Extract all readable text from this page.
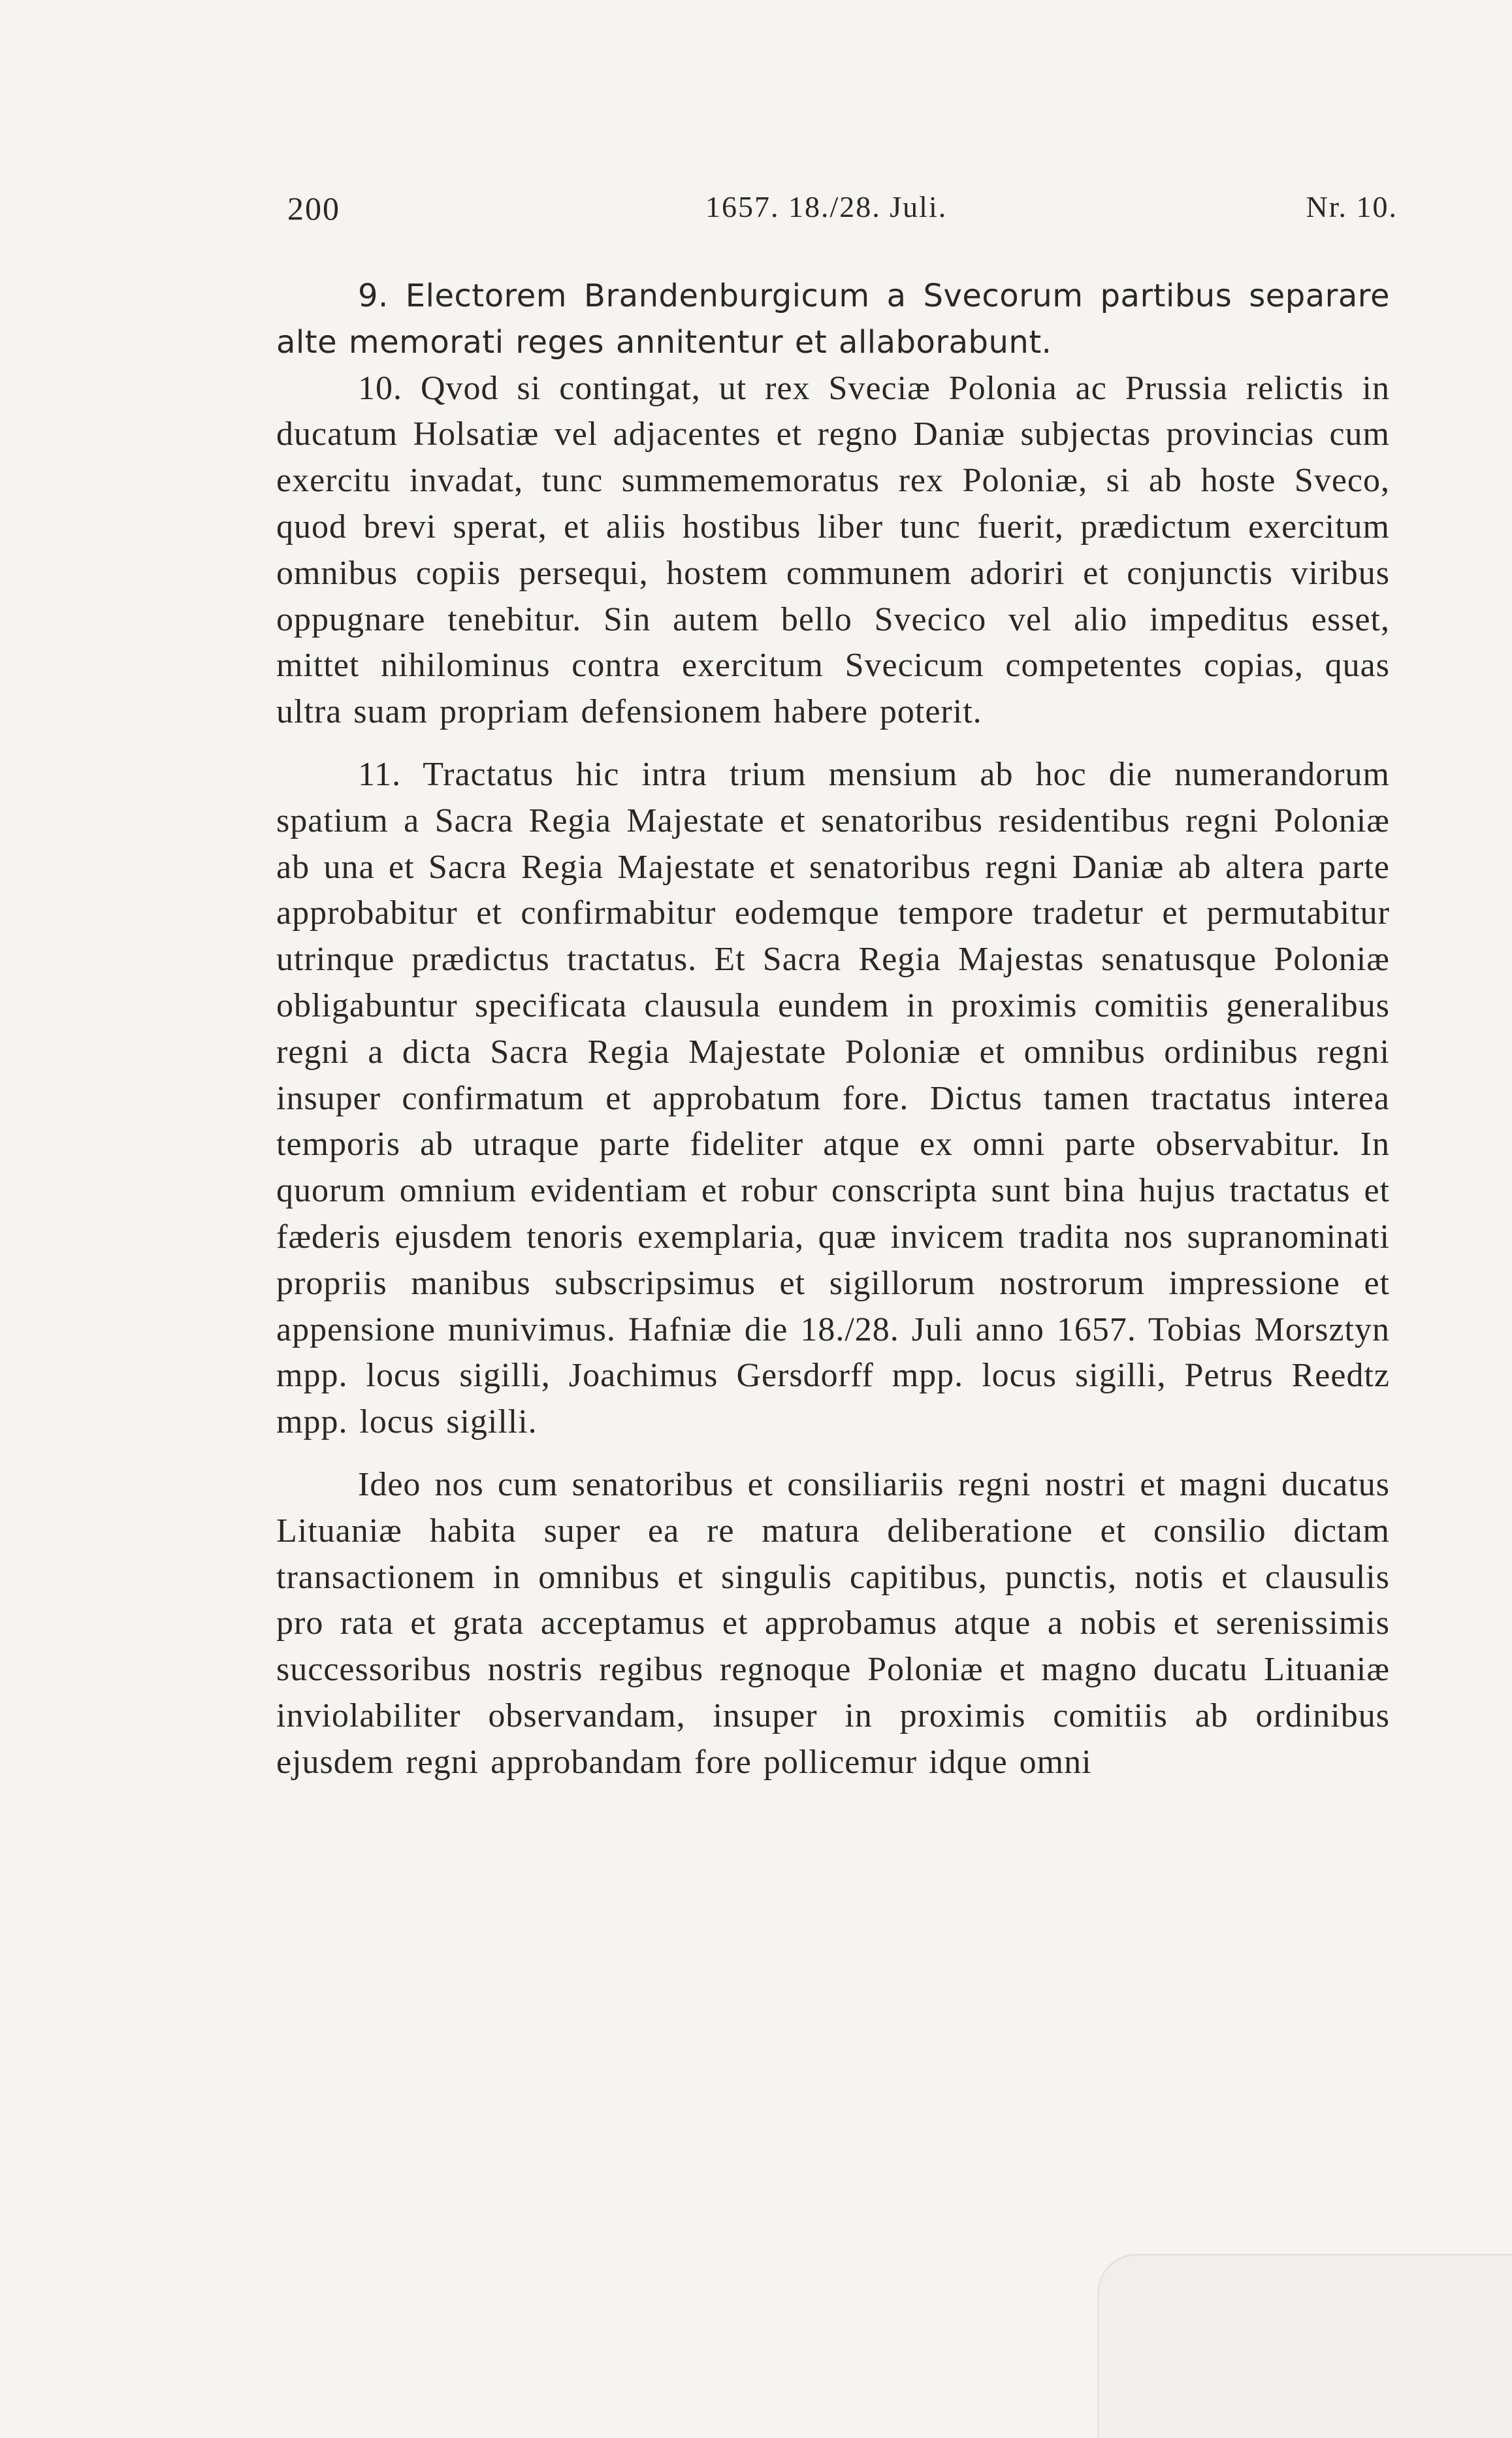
200	1657. 18./28. Juli.	Nr. 10.

9. Electorem Brandenburgicum a Svecorum partibus separare alte memorati reges annitentur et allaborabunt.

10. Qvod si contingat, ut rex Sveciæ Polonia ac Prussia relictis in ducatum Holsatiæ vel adjacentes et regno Daniæ subjectas provincias cum exercitu invadat, tunc summememoratus rex Poloniæ, si ab hoste Sveco, quod brevi sperat, et aliis hostibus liber tunc fuerit, prædictum exercitum omnibus copiis persequi, hostem communem adoriri et conjunctis viribus oppugnare tenebitur. Sin autem bello Svecico vel alio impeditus esset, mittet nihilominus contra exercitum Svecicum competentes copias, quas ultra suam propriam defensionem habere poterit.

11. Tractatus hic intra trium mensium ab hoc die numerandorum spatium a Sacra Regia Majestate et senatoribus residentibus regni Poloniæ ab una et Sacra Regia Majestate et senatoribus regni Daniæ ab altera parte approbabitur et confirmabitur eodemque tempore tradetur et permutabitur utrinque prædictus tractatus. Et Sacra Regia Majestas senatusque Poloniæ obligabuntur specificata clausula eundem in proximis comitiis generalibus regni a dicta Sacra Regia Majestate Poloniæ et omnibus ordinibus regni insuper confirmatum et approbatum fore. Dictus tamen tractatus interea temporis ab utraque parte fideliter atque ex omni parte observabitur. In quorum omnium evidentiam et robur conscripta sunt bina hujus tractatus et fæderis ejusdem tenoris exemplaria, quæ invicem tradita nos supranominati propriis manibus subscripsimus et sigillorum nostrorum impressione et appensione munivimus. Hafniæ die 18./28. Juli anno 1657. Tobias Morsztyn mpp. locus sigilli, Joachimus Gersdorff mpp. locus sigilli, Petrus Reedtz mpp. locus sigilli.

Ideo nos cum senatoribus et consiliariis regni nostri et magni ducatus Lituaniæ habita super ea re matura deliberatione et consilio dictam transactionem in omnibus et singulis capitibus, punctis, notis et clausulis pro rata et grata acceptamus et approbamus atque a nobis et serenissimis successoribus nostris regibus regnoque Poloniæ et magno ducatu Lituaniæ inviolabiliter observandam, insuper in proximis comitiis ab ordinibus ejusdem regni approbandam fore pollicemur idque omni
